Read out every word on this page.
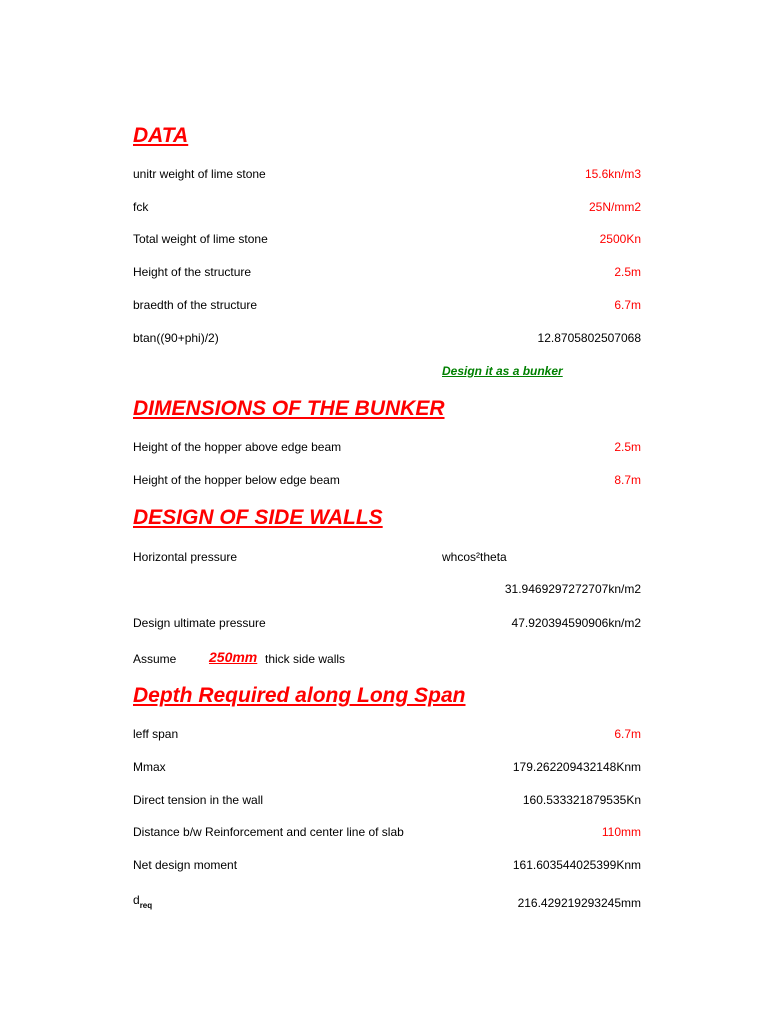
DATA
unitr weight of lime stone	15.6kn/m3
fck	25N/mm2
Total weight of lime stone	2500Kn
Height of the structure	2.5m
braedth of the structure	6.7m
btan((90+phi)/2)	12.8705802507068
Design it as a bunker
DIMENSIONS OF THE BUNKER
Height of the hopper above edge beam	2.5m
Height of the hopper below edge beam	8.7m
DESIGN OF SIDE WALLS
Horizontal pressure	whcos²theta
31.9469297272707kn/m2
Design ultimate pressure	47.920394590906kn/m2
Assume 250mm thick side walls
Depth Required along Long Span
leff span	6.7m
Mmax	179.262209432148Knm
Direct tension in the wall	160.533321879535Kn
Distance b/w Reinforcement and center line of slab	110mm
Net design moment	161.603544025399Knm
$d_{req}$	216.429219293245mm
